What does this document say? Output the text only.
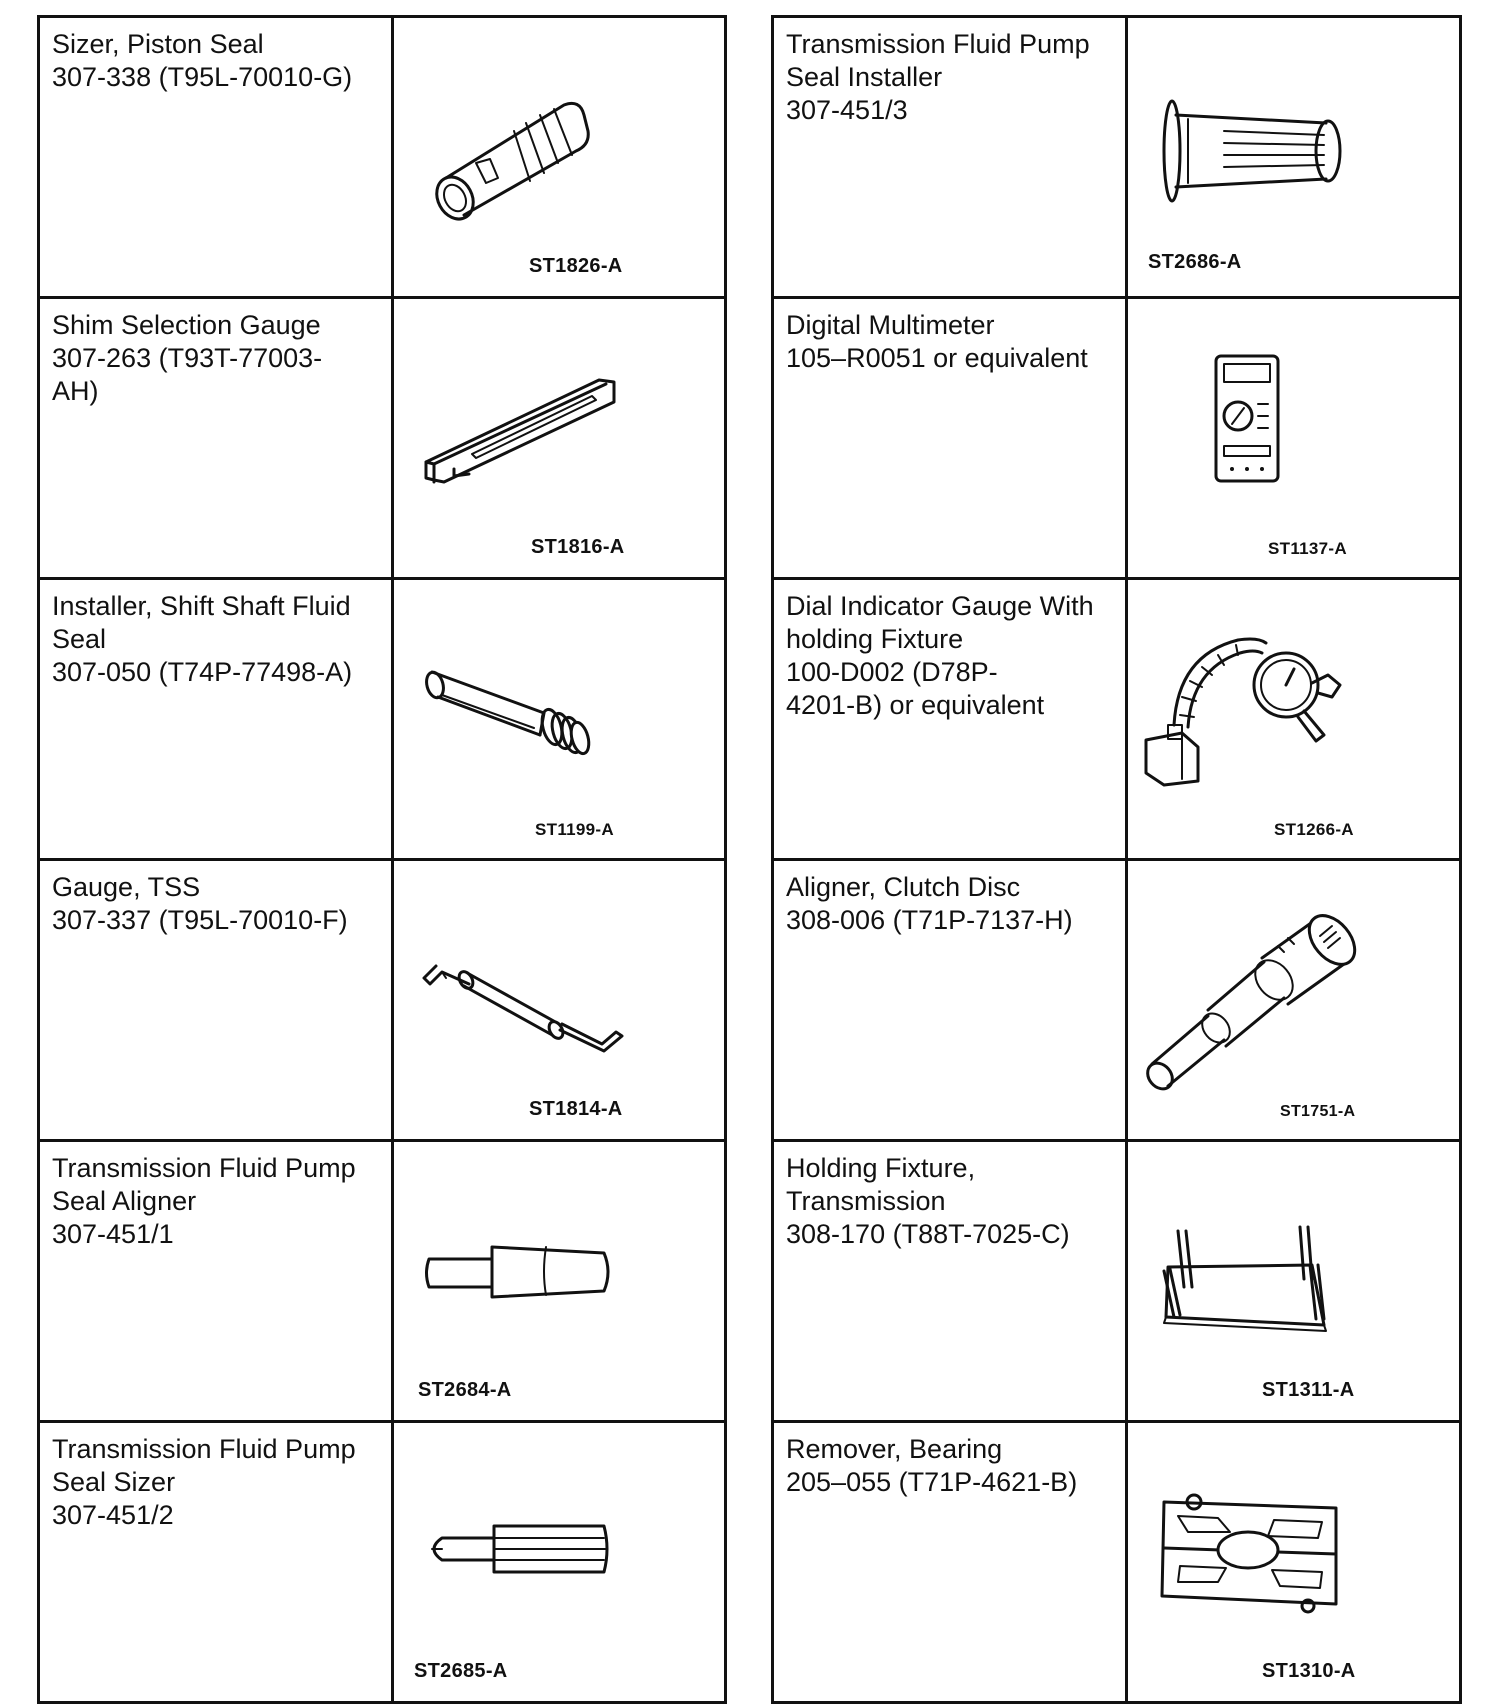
Sizer, Piston Seal
307-338 (T95L-70010-G)	ST1826-A

Shim Selection Gauge
307-263 (T93T-77003-
AH)	ST1816-A

Installer, Shift Shaft Fluid
Seal
307-050 (T74P-77498-A)	ST1199-A

Gauge, TSS
307-337 (T95L-70010-F)	ST1814-A

Transmission Fluid Pump
Seal Aligner
307-451/1	ST2684-A

Transmission Fluid Pump
Seal Sizer
307-451/2	ST2685-A
Transmission Fluid Pump
Seal Installer
307-451/3	ST2686-A

Digital Multimeter
105–R0051 or equivalent	ST1137-A

Dial Indicator Gauge With
holding Fixture
100-D002 (D78P-
4201-B) or equivalent	ST1266-A

Aligner, Clutch Disc
308-006 (T71P-7137-H)	ST1751-A

Holding Fixture,
Transmission
308-170 (T88T-7025-C)	ST1311-A

Remover, Bearing
205–055 (T71P-4621-B)	ST1310-A
